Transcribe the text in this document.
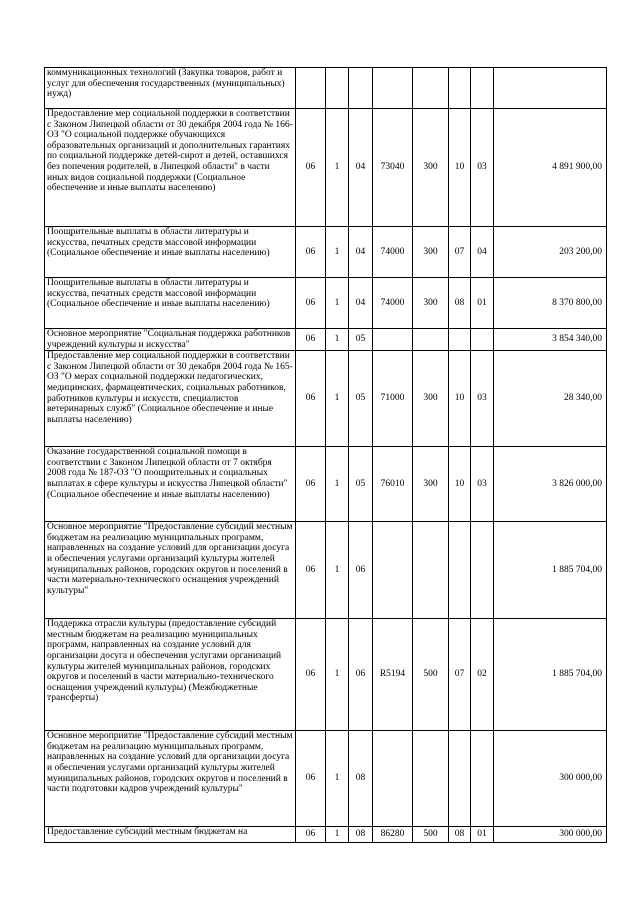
коммуникационных технологий (Закупка товаров, работ и услуг для обеспечения государственных (муниципальных) нужд)								
Предоставление мер социальной поддержки в соответствии с Законом Липецкой области от 30 декабря 2004 года № 166-ОЗ "О социальной поддержке обучающихся образовательных организаций и дополнительных гарантиях по социальной поддержке детей-сирот и детей, оставшихся без попечения родителей, в Липецкой области" в части иных видов социальной поддержки (Социальное обеспечение и иные выплаты населению)	06	1	04	73040	300	10	03	4 891 900,00
Поощрительные выплаты в области литературы и искусства, печатных средств массовой информации (Социальное обеспечение и иные выплаты населению)	06	1	04	74000	300	07	04	203 200,00
Поощрительные выплаты в области литературы и искусства, печатных средств массовой информации (Социальное обеспечение и иные выплаты населению)	06	1	04	74000	300	08	01	8 370 800,00
Основное мероприятие "Социальная поддержка работников учреждений культуры и искусства"	06	1	05					3 854 340,00
Предоставление мер социальной поддержки в соответствии с Законом Липецкой области от 30 декабря 2004 года № 165-ОЗ "О мерах социальной поддержки педагогических, медицинских, фармацевтических, социальных работников, работников культуры и искусств, специалистов ветеринарных служб" (Социальное обеспечение и иные выплаты населению)	06	1	05	71000	300	10	03	28 340,00
Оказание государственной социальной помощи в соответствии с Законом Липецкой области от 7 октября 2008 года № 187-ОЗ "О поощрительных и социальных выплатах в сфере культуры и искусства Липецкой области" (Социальное обеспечение и иные выплаты населению)	06	1	05	76010	300	10	03	3 826 000,00
Основное мероприятие "Предоставление субсидий местным бюджетам на реализацию муниципальных программ, направленных на создание условий для организации досуга и обеспечения услугами организаций культуры жителей муниципальных районов, городских округов и поселений в части материально-технического оснащения учреждений культуры"	06	1	06					1 885 704,00
Поддержка отрасли культуры (предоставление субсидий местным бюджетам на реализацию муниципальных программ, направленных на создание условий для организации досуга и обеспечения услугами организаций культуры жителей муниципальных районов, городских округов и поселений в части материально-технического оснащения учреждений культуры) (Межбюджетные трансферты)	06	1	06	R5194	500	07	02	1 885 704,00
Основное мероприятие "Предоставление субсидий местным бюджетам на реализацию муниципальных программ, направленных на создание условий для организации досуга и обеспечения услугами организаций культуры жителей муниципальных районов, городских округов и поселений в части подготовки кадров учреждений культуры"	06	1	08					300 000,00
Предоставление субсидий местным бюджетам на	06	1	08	86280	500	08	01	300 000,00
